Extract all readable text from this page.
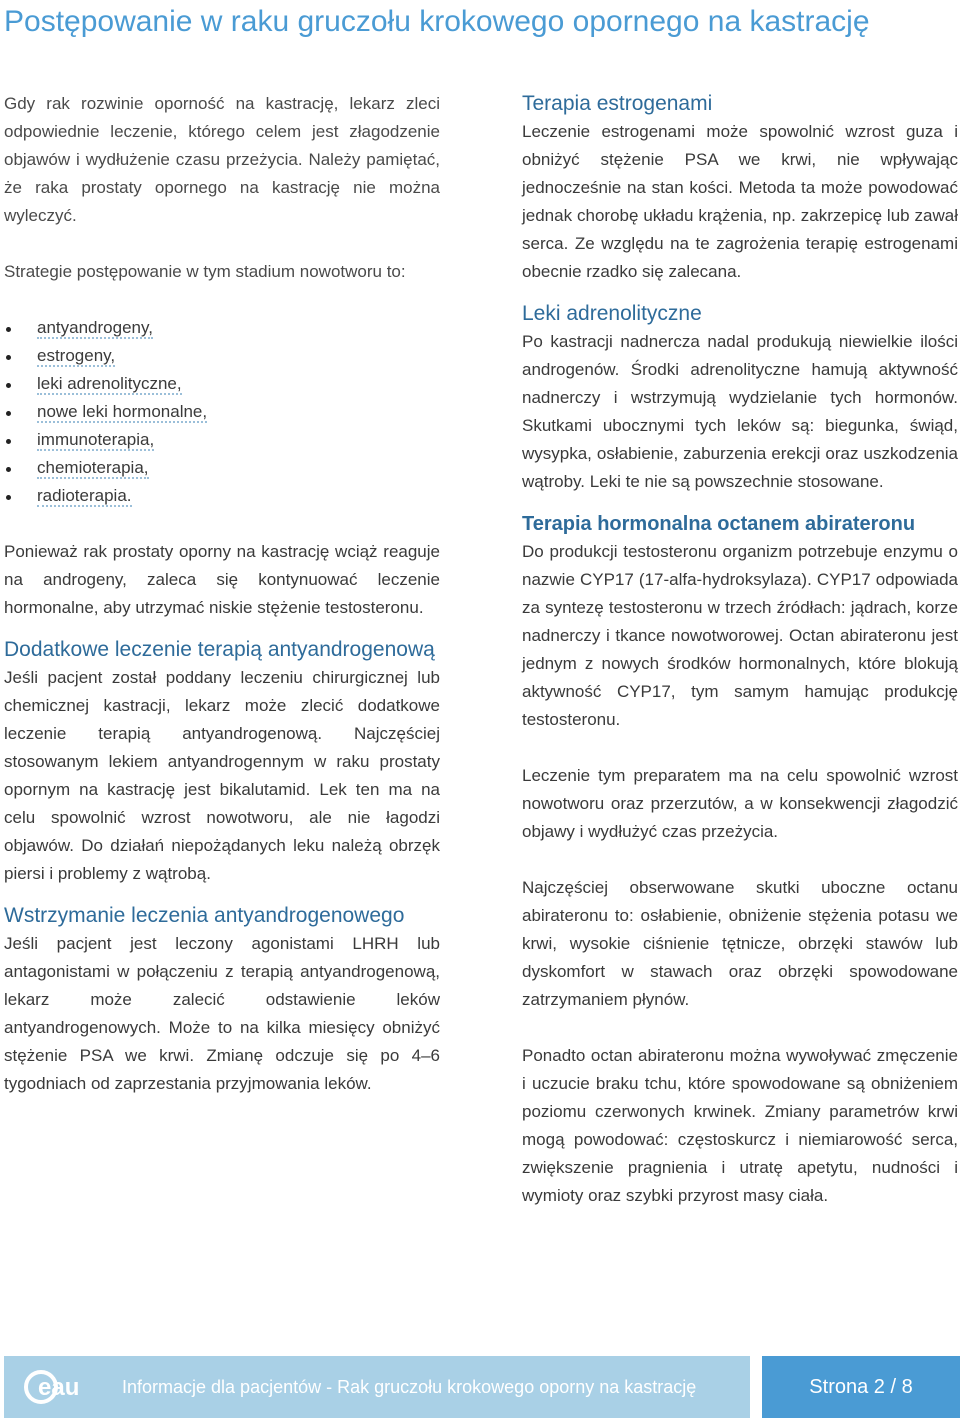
Postępowanie w raku gruczołu krokowego opornego na kastrację

Gdy rak rozwinie oporność na kastrację, lekarz zleci odpowiednie leczenie, którego celem jest złagodzenie objawów i wydłużenie czasu przeżycia. Należy pamiętać, że raka prostaty opornego na kastrację nie można wyleczyć.

Strategie postępowanie w tym stadium nowotworu to:

antyandrogeny,
estrogeny,
leki adrenolityczne,
nowe leki hormonalne,
immunoterapia,
chemioterapia,
radioterapia.

Ponieważ rak prostaty oporny na kastrację wciąż reaguje na androgeny, zaleca się kontynuować leczenie hormonalne, aby utrzymać niskie stężenie testosteronu.

Dodatkowe leczenie terapią antyandrogenową

Jeśli pacjent został poddany leczeniu chirurgicznej lub chemicznej kastracji, lekarz może zlecić dodatkowe leczenie terapią antyandrogenową. Najczęściej stosowanym lekiem antyandrogennym w raku prostaty opornym na kastrację jest bikalutamid. Lek ten ma na celu spowolnić wzrost nowotworu, ale nie łagodzi objawów. Do działań niepożądanych leku należą obrzęk piersi i problemy z wątrobą.

Wstrzymanie leczenia antyandrogenowego

Jeśli pacjent jest leczony agonistami LHRH lub antagonistami w połączeniu z terapią antyandrogenową, lekarz może zalecić odstawienie leków antyandrogenowych. Może to na kilka miesięcy obniżyć stężenie PSA we krwi. Zmianę odczuje się po 4–6 tygodniach od zaprzestania przyjmowania leków.

Terapia estrogenami

Leczenie estrogenami może spowolnić wzrost guza i obniżyć stężenie PSA we krwi, nie wpływając jednocześnie na stan kości. Metoda ta może powodować jednak chorobę układu krążenia, np. zakrzepicę lub zawał serca. Ze względu na te zagrożenia terapię estrogenami obecnie rzadko się zalecana.

Leki adrenolityczne

Po kastracji nadnercza nadal produkują niewielkie ilości androgenów. Środki adrenolityczne hamują aktywność nadnerczy i wstrzymują wydzielanie tych hormonów. Skutkami ubocznymi tych leków są: biegunka, świąd, wysypka, osłabienie, zaburzenia erekcji oraz uszkodzenia wątroby. Leki te nie są powszechnie stosowane.

Terapia hormonalna octanem abirateronu

Do produkcji testosteronu organizm potrzebuje enzymu o nazwie CYP17 (17-alfa-hydroksylaza). CYP17 odpowiada za syntezę testosteronu w trzech źródłach: jądrach, korze nadnerczy i tkance nowotworowej. Octan abirateronu jest jednym z nowych środków hormonalnych, które blokują aktywność CYP17, tym samym hamując produkcję testosteronu.

Leczenie tym preparatem ma na celu spowolnić wzrost nowotworu oraz przerzutów, a w konsekwencji złagodzić objawy i wydłużyć czas przeżycia.

Najczęściej obserwowane skutki uboczne octanu abirateronu to: osłabienie, obniżenie stężenia potasu we krwi, wysokie ciśnienie tętnicze, obrzęki stawów lub dyskomfort w stawach oraz obrzęki spowodowane zatrzymaniem płynów.

Ponadto octan abirateronu można wywoływać zmęczenie i uczucie braku tchu, które spowodowane są obniżeniem poziomu czerwonych krwinek. Zmiany parametrów krwi mogą powodować: częstoskurcz i niemiarowość serca, zwiększenie pragnienia i utratę apetytu, nudności i wymioty oraz szybki przyrost masy ciała.

eau Informacje dla pacjentów - Rak gruczołu krokowego oporny na kastrację	Strona 2 / 8
